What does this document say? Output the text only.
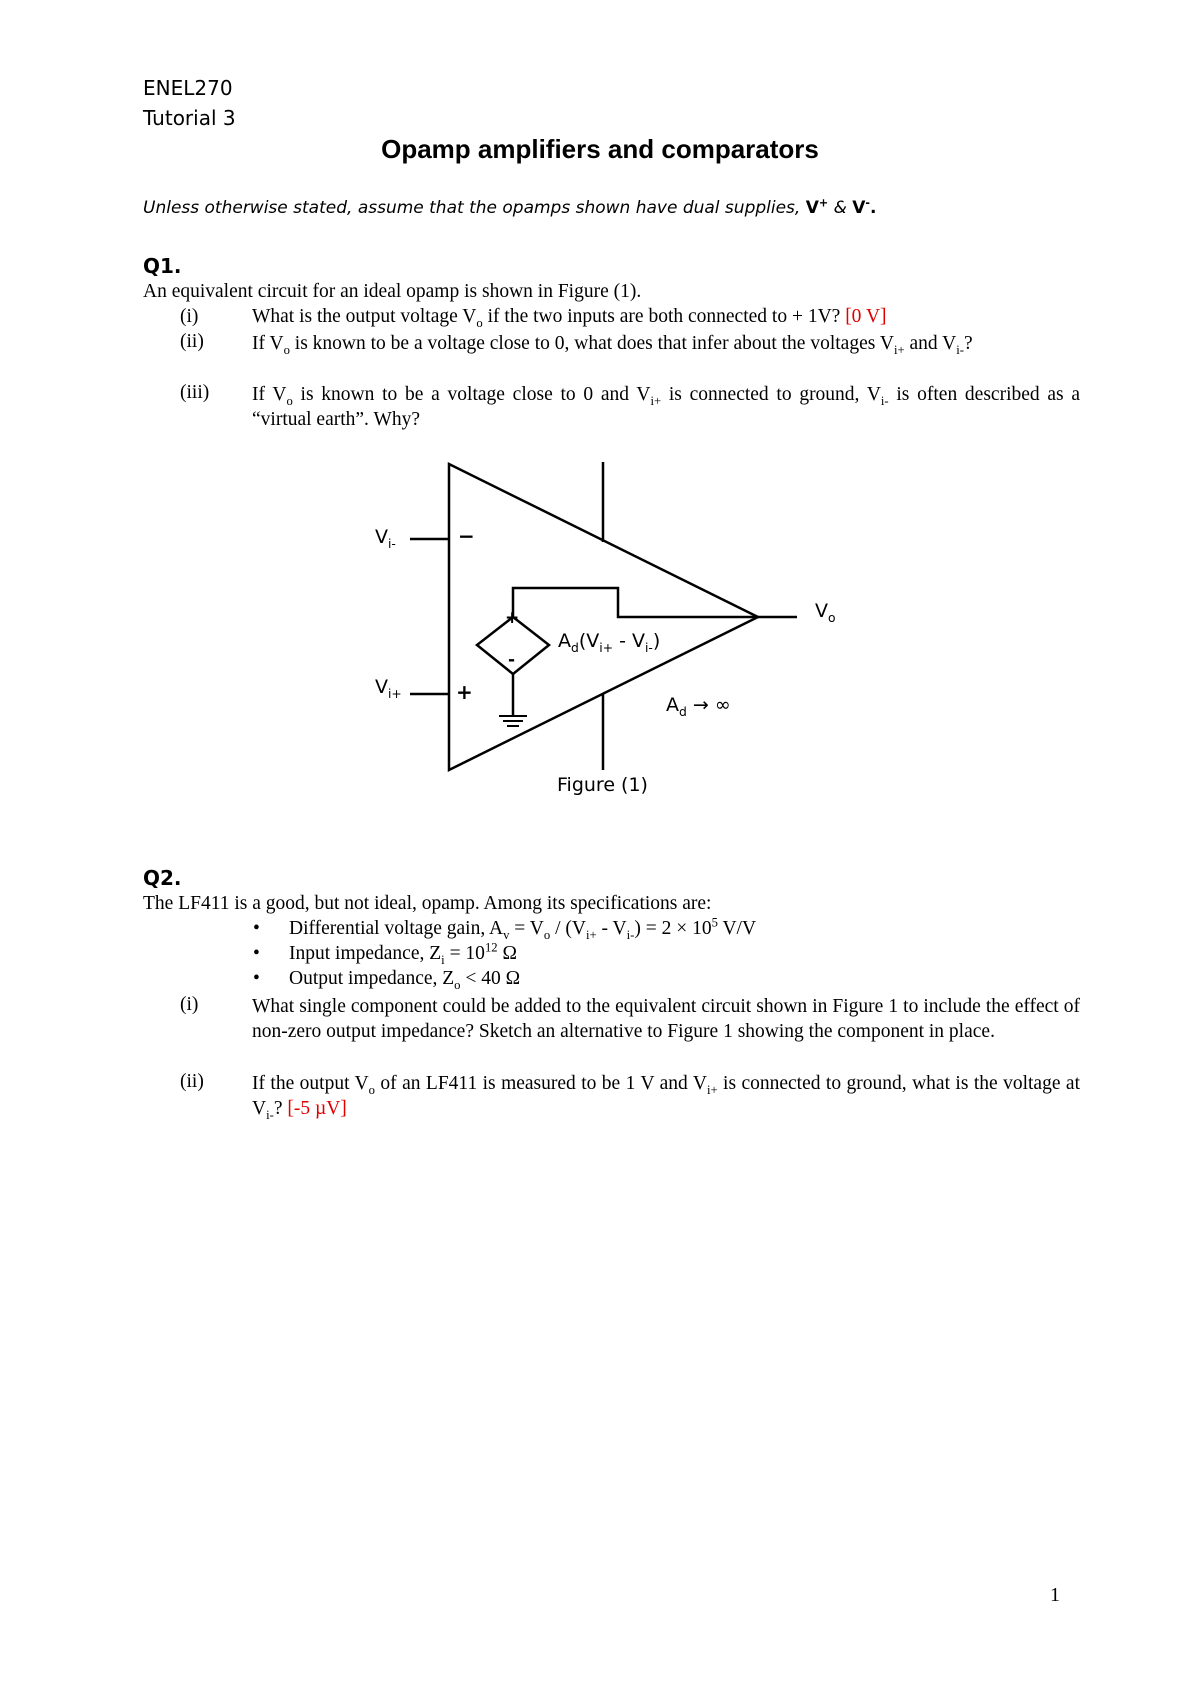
ENEL270
Tutorial 3
Opamp amplifiers and comparators
Unless otherwise stated, assume that the opamps shown have dual supplies, V+ & V-.
Q1.
An equivalent circuit for an ideal opamp is shown in Figure (1).
(i)	What is the output voltage $V_o$ if the two inputs are both connected to + 1V? [0 V]
(ii) If $V_o$ is known to be a voltage close to 0, what does that infer about the voltages $V_{i+}$ and $V_{i-}$?
(iii) If $V_o$ is known to be a voltage close to 0 and $V_{i+}$ is connected to ground, $V_{i-}$ is often described as a “virtual earth”. Why?
$V_{i-}$	−
$V_{i+}$	+
+
-
$A_d(V_{i+} - V_{i-})$
$V_o$
$A_d$ → ∞
Figure (1)
Q2.
The LF411 is a good, but not ideal, opamp. Among its specifications are:
• Differential voltage gain, $A_v = V_o / (V_{i+} - V_{i-}) = 2 \times 10^5$ V/V
• Input impedance, $Z_i = 10^{12}$ Ω
• Output impedance, $Z_o < 40$ Ω
(i)	What single component could be added to the equivalent circuit shown in Figure 1 to include the effect of non-zero output impedance? Sketch an alternative to Figure 1 showing the component in place.
(ii) If the output $V_o$ of an LF411 is measured to be 1 V and $V_{i+}$ is connected to ground, what is the voltage at $V_{i-}$? [-5 µV]
1
